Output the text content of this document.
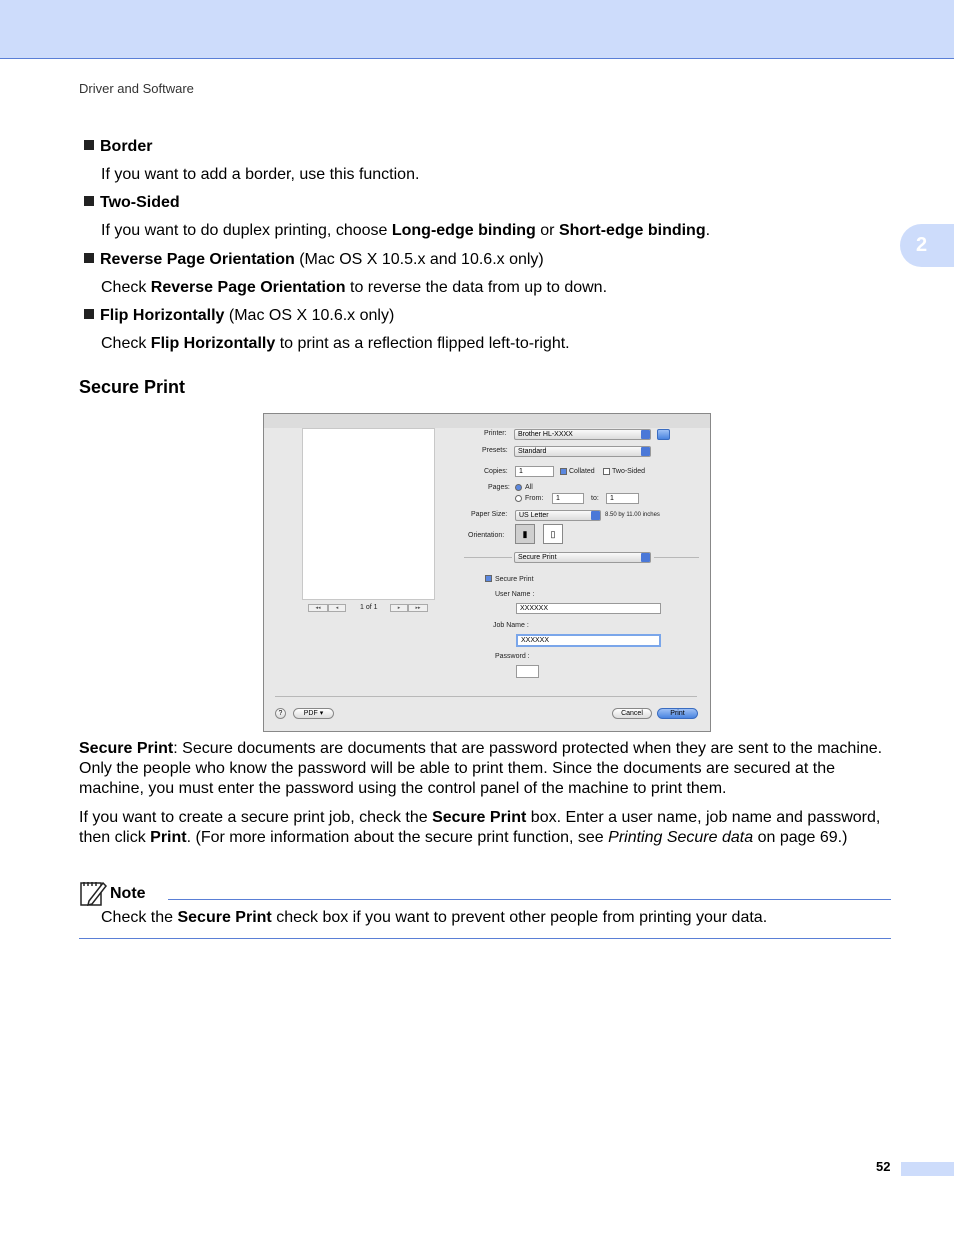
Driver and Software
2
Border
If you want to add a border, use this function.
Two-Sided
If you want to do duplex printing, choose Long-edge binding or Short-edge binding.
Reverse Page Orientation (Mac OS X 10.5.x and 10.6.x only)
Check Reverse Page Orientation to reverse the data from up to down.
Flip Horizontally (Mac OS X 10.6.x only)
Check Flip Horizontally to print as a reflection flipped left-to-right.
Secure Print
◂◂	◂	1 of 1	▸	▸▸
Printer:	Brother HL-XXXX
Presets:	Standard
Copies:	1	Collated Two-Sided
Pages: All
From:	1	to:	1
Paper Size:	US Letter	8.50 by 11.00 inches
Orientation:	▮	▯
Secure Print
Secure Print
User Name :
XXXXXX
Job Name :
XXXXXX
Password :
?	PDF ▾	Cancel	Print
Secure Print: Secure documents are documents that are password protected when they are sent to the machine. Only the people who know the password will be able to print them. Since the documents are secured at the machine, you must enter the password using the control panel of the machine to print them.
If you want to create a secure print job, check the Secure Print box. Enter a user name, job name and password, then click Print. (For more information about the secure print function, see Printing Secure data on page 69.)
Note
Check the Secure Print check box if you want to prevent other people from printing your data.
52
